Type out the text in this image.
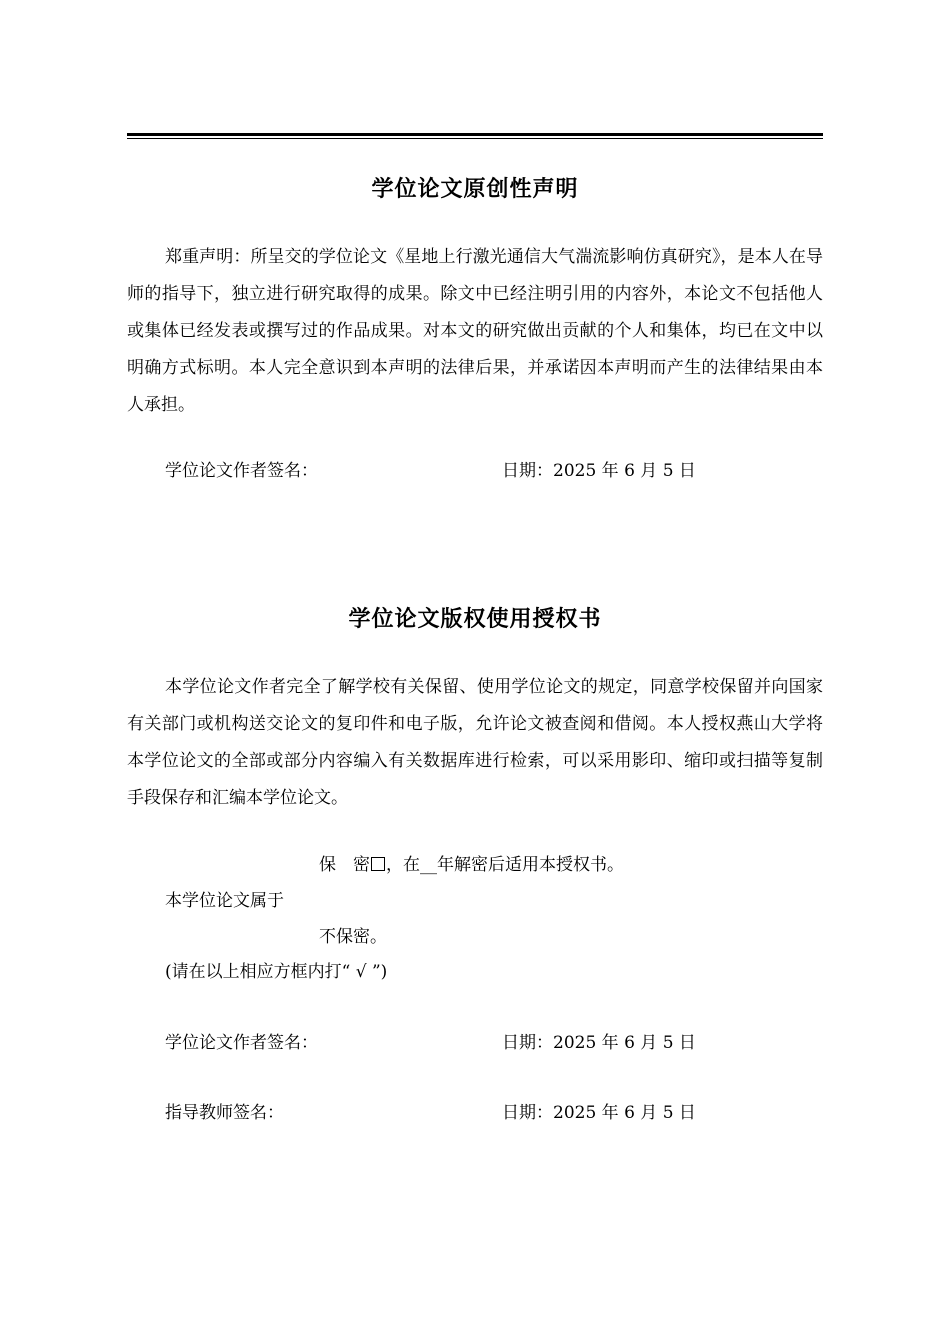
学位论文原创性声明

郑重声明：所呈交的学位论文《星地上行激光通信大气湍流影响仿真研究》，是本人在导师的指导下，独立进行研究取得的成果。除文中已经注明引用的内容外，本论文不包括他人或集体已经发表或撰写过的作品成果。对本文的研究做出贡献的个人和集体，均已在文中以明确方式标明。本人完全意识到本声明的法律后果，并承诺因本声明而产生的法律结果由本人承担。

学位论文作者签名：	日期：2025 年 6 月 5 日
学位论文版权使用授权书

本学位论文作者完全了解学校有关保留、使用学位论文的规定，同意学校保留并向国家有关部门或机构送交论文的复印件和电子版，允许论文被查阅和借阅。本人授权燕山大学将本学位论文的全部或部分内容编入有关数据库进行检索，可以采用影印、缩印或扫描等复制手段保存和汇编本学位论文。

保　密 ，在__年解密后适用本授权书。
本学位论文属于
不保密。
(请在以上相应方框内打“ √ ”)
学位论文作者签名：	日期：2025 年 6 月 5 日
指导教师签名：	日期：2025 年 6 月 5 日
